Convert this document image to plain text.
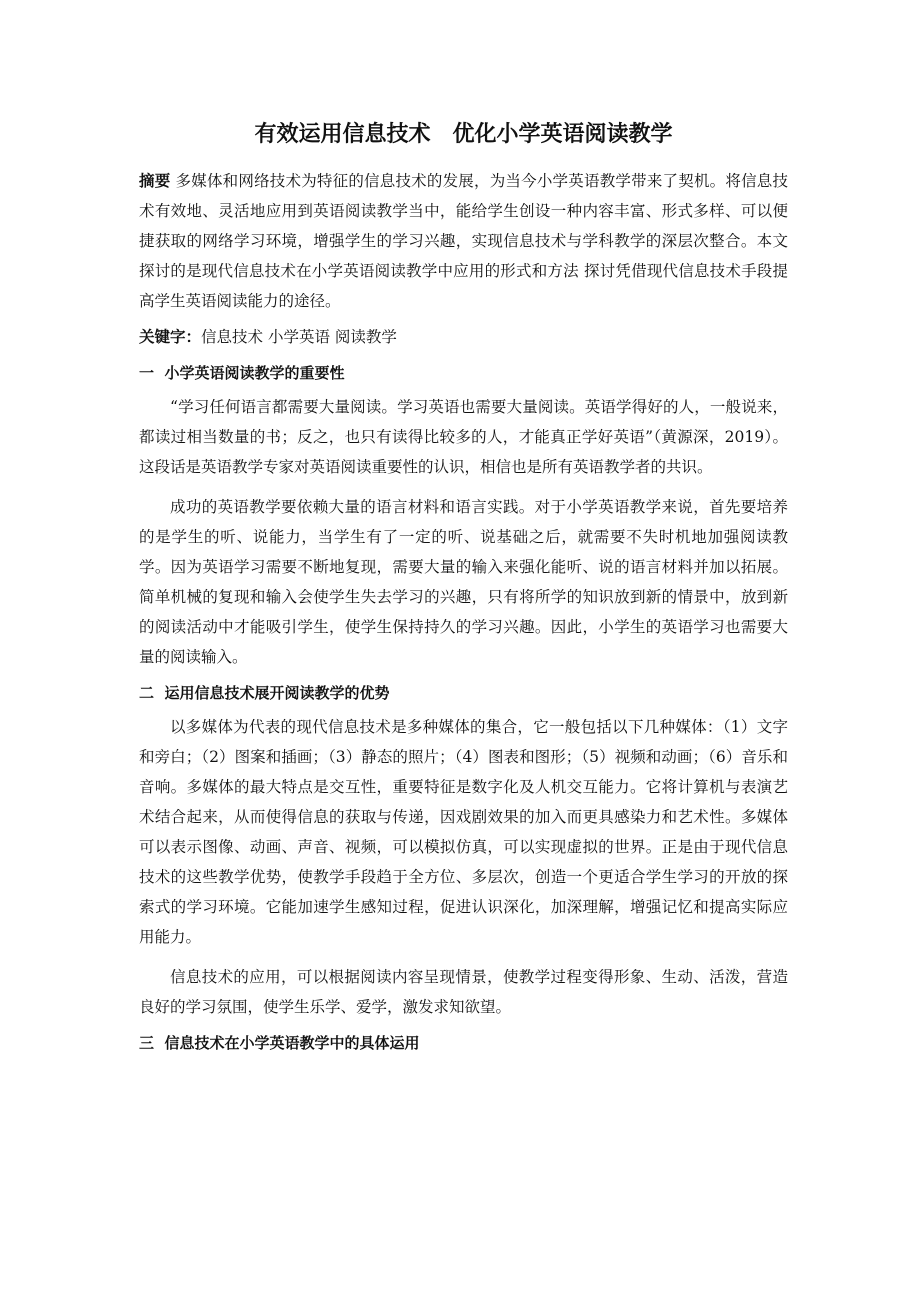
有效运用信息技术　优化小学英语阅读教学

摘要 多媒体和网络技术为特征的信息技术的发展，为当今小学英语教学带来了契机。将信息技术有效地、灵活地应用到英语阅读教学当中，能给学生创设一种内容丰富、形式多样、可以便捷获取的网络学习环境，增强学生的学习兴趣，实现信息技术与学科教学的深层次整合。本文探讨的是现代信息技术在小学英语阅读教学中应用的形式和方法 探讨凭借现代信息技术手段提高学生英语阅读能力的途径。

关键字：信息技术 小学英语 阅读教学

一  小学英语阅读教学的重要性

“学习任何语言都需要大量阅读。学习英语也需要大量阅读。英语学得好的人，一般说来，都读过相当数量的书；反之，也只有读得比较多的人，才能真正学好英语”（黄源深，2019）。这段话是英语教学专家对英语阅读重要性的认识，相信也是所有英语教学者的共识。

成功的英语教学要依赖大量的语言材料和语言实践。对于小学英语教学来说，首先要培养的是学生的听、说能力，当学生有了一定的听、说基础之后，就需要不失时机地加强阅读教学。因为英语学习需要不断地复现，需要大量的输入来强化能听、说的语言材料并加以拓展。简单机械的复现和输入会使学生失去学习的兴趣，只有将所学的知识放到新的情景中，放到新的阅读活动中才能吸引学生，使学生保持持久的学习兴趣。因此，小学生的英语学习也需要大量的阅读输入。

二  运用信息技术展开阅读教学的优势

以多媒体为代表的现代信息技术是多种媒体的集合，它一般包括以下几种媒体：（1）文字和旁白；（2）图案和插画；（3）静态的照片；（4）图表和图形；（5）视频和动画；（6）音乐和音响。多媒体的最大特点是交互性，重要特征是数字化及人机交互能力。它将计算机与表演艺术结合起来，从而使得信息的获取与传递，因戏剧效果的加入而更具感染力和艺术性。多媒体可以表示图像、动画、声音、视频，可以模拟仿真，可以实现虚拟的世界。正是由于现代信息技术的这些教学优势，使教学手段趋于全方位、多层次，创造一个更适合学生学习的开放的探索式的学习环境。它能加速学生感知过程，促进认识深化，加深理解，增强记忆和提高实际应用能力。

信息技术的应用，可以根据阅读内容呈现情景，使教学过程变得形象、生动、活泼，营造良好的学习氛围，使学生乐学、爱学，激发求知欲望。

三  信息技术在小学英语教学中的具体运用
